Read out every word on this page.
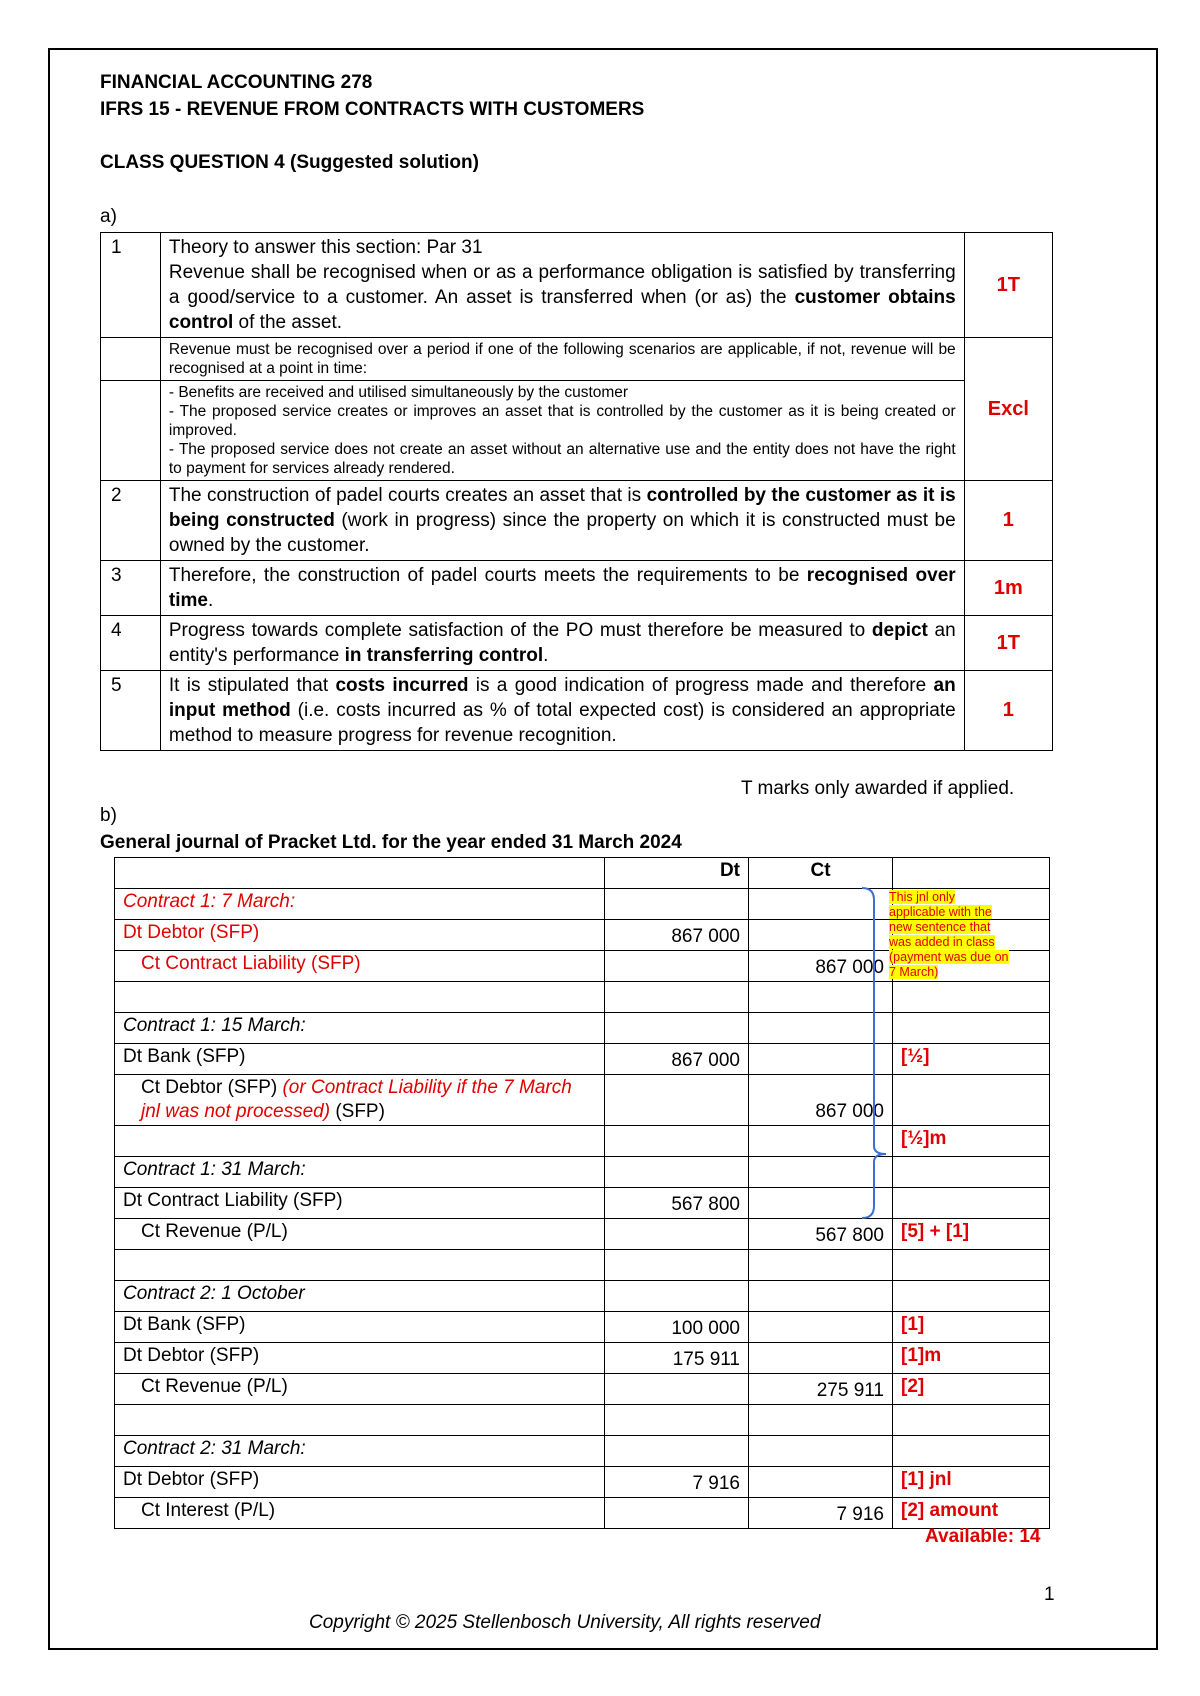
FINANCIAL ACCOUNTING 278
IFRS 15 - REVENUE FROM CONTRACTS WITH CUSTOMERS
CLASS QUESTION 4 (Suggested solution)
a)
1	Theory to answer this section: Par 31
Revenue shall be recognised when or as a performance obligation is satisfied by transferring a good/service to a customer. An asset is transferred when (or as) the customer obtains control of the asset.	1T
	Revenue must be recognised over a period if one of the following scenarios are applicable, if not, revenue will be recognised at a point in time:	Excl
	- Benefits are received and utilised simultaneously by the customer
- The proposed service creates or improves an asset that is controlled by the customer as it is being created or improved.
- The proposed service does not create an asset without an alternative use and the entity does not have the right to payment for services already rendered.	
2	The construction of padel courts creates an asset that is controlled by the customer as it is being constructed (work in progress) since the property on which it is constructed must be owned by the customer.	1
3	Therefore, the construction of padel courts meets the requirements to be recognised over time.	1m
4	Progress towards complete satisfaction of the PO must therefore be measured to depict an entity's performance in transferring control.	1T
5	It is stipulated that costs incurred is a good indication of progress made and therefore an input method (i.e. costs incurred as % of total expected cost) is considered an appropriate method to measure progress for revenue recognition.	1
T marks only awarded if applied.
b)
General journal of Pracket Ltd. for the year ended 31 March 2024
	Dt	Ct	
Contract 1: 7 March:			
Dt Debtor (SFP)	867 000		
Ct Contract Liability (SFP)		867 000	

Contract 1: 15 March:			
Dt Bank (SFP)	867 000		[½]
Ct Debtor (SFP) (or Contract Liability if the 7 March jnl was not processed) (SFP)		867 000	
			[½]m
Contract 1: 31 March:			
Dt Contract Liability (SFP)	567 800		
Ct Revenue (P/L)		567 800	[5] + [1]

Contract 2: 1 October			
Dt Bank (SFP)	100 000		[1]
Dt Debtor (SFP)	175 911		[1]m
Ct Revenue (P/L)		275 911	[2]

Contract 2: 31 March:			
Dt Debtor (SFP)	7 916		[1] jnl
Ct Interest (P/L)		7 916	[2] amount
This jnl only applicable with the new sentence that was added in class (payment was due on 7 March)
Available: 14
1
Copyright © 2025 Stellenbosch University, All rights reserved
